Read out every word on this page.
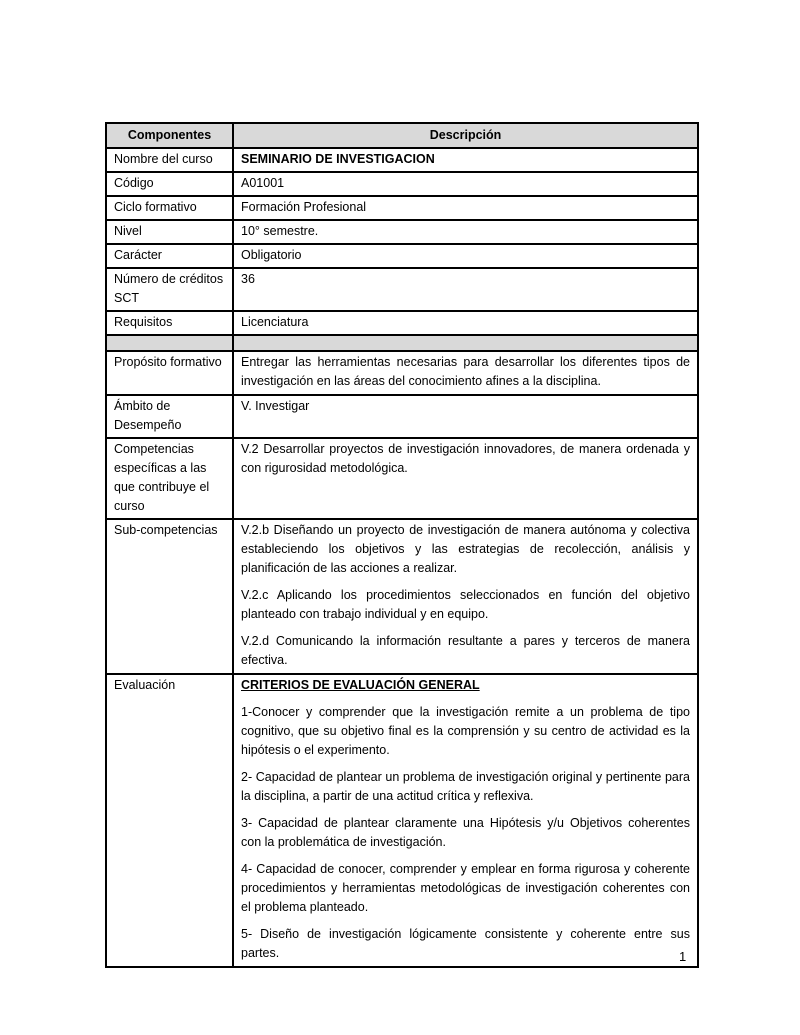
Componentes	Descripción
Nombre del curso	SEMINARIO DE INVESTIGACION
Código	A01001
Ciclo formativo	Formación Profesional
Nivel	10° semestre.
Carácter	Obligatorio
Número de créditos SCT	36
Requisitos	Licenciatura

Propósito formativo	Entregar las herramientas necesarias para desarrollar los diferentes tipos de investigación en las áreas del conocimiento afines a la disciplina.

Ámbito de Desempeño	V. Investigar
Competencias específicas a las que contribuye el curso	V.2 Desarrollar proyectos de investigación innovadores, de manera ordenada y con rigurosidad metodológica.

Sub-competencias	V.2.b Diseñando un proyecto de investigación de manera autónoma y colectiva estableciendo los objetivos y las estrategias de recolección, análisis y planificación de las acciones a realizar.

V.2.c Aplicando los procedimientos seleccionados en función del objetivo planteado con trabajo individual y en equipo.

V.2.d Comunicando la información resultante a pares y terceros de manera efectiva.

Evaluación	CRITERIOS DE EVALUACIÓN GENERAL

1-Conocer y comprender que la investigación remite a un problema de tipo cognitivo, que su objetivo final es la comprensión y su centro de actividad es la hipótesis o el experimento.

2- Capacidad de plantear un problema de investigación original y pertinente para la disciplina, a partir de una actitud crítica y reflexiva.

3- Capacidad de plantear claramente una Hipótesis y/u Objetivos coherentes con la problemática de investigación.

4- Capacidad de conocer, comprender y emplear en forma rigurosa y coherente procedimientos y herramientas metodológicas de investigación coherentes con el problema planteado.

5- Diseño de investigación lógicamente consistente y coherente entre sus partes.	1
